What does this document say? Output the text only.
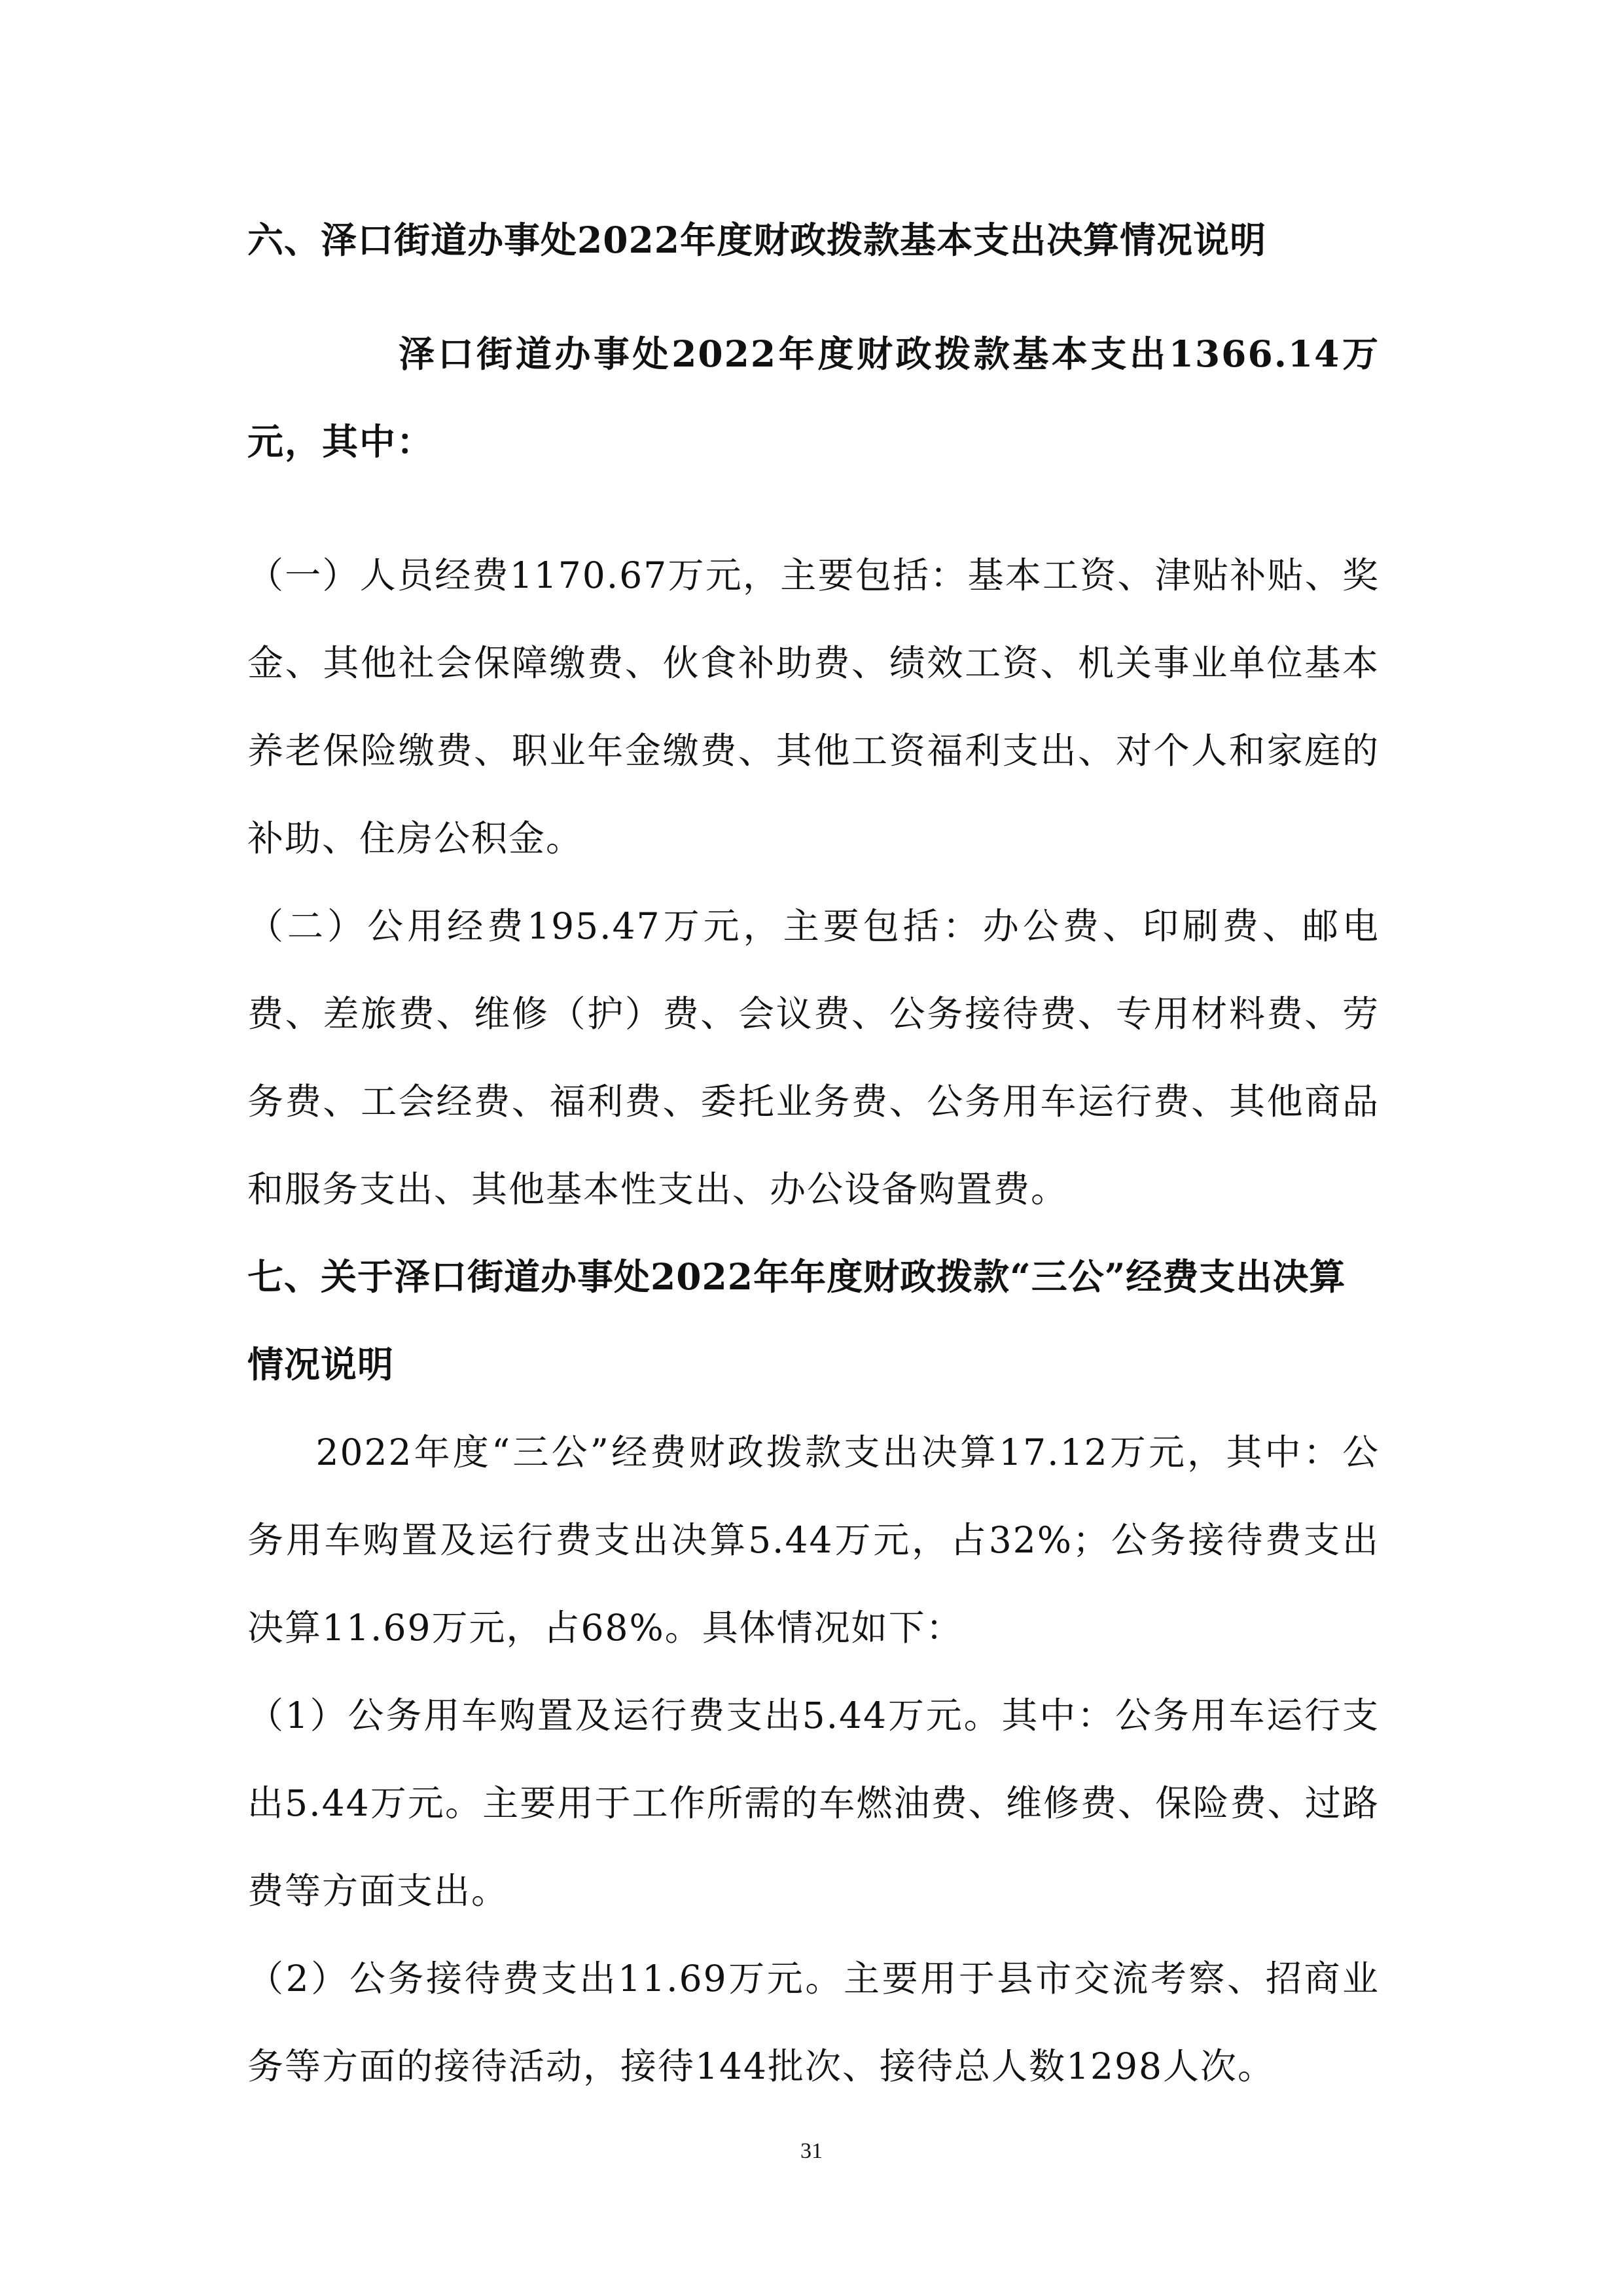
六、泽口街道办事处2022年度财政拨款基本支出决算情况说明

泽口街道办事处2022年度财政拨款基本支出1366.14万元，其中：

（一）人员经费1170.67万元，主要包括：基本工资、津贴补贴、奖金、其他社会保障缴费、伙食补助费、绩效工资、机关事业单位基本养老保险缴费、职业年金缴费、其他工资福利支出、对个人和家庭的补助、住房公积金。

（二）公用经费195.47万元，主要包括：办公费、印刷费、邮电费、差旅费、维修（护）费、会议费、公务接待费、专用材料费、劳务费、工会经费、福利费、委托业务费、公务用车运行费、其他商品和服务支出、其他基本性支出、办公设备购置费。

七、关于泽口街道办事处2022年年度财政拨款“三公”经费支出决算情况说明

2022年度“三公”经费财政拨款支出决算17.12万元，其中：公务用车购置及运行费支出决算5.44万元，占32%；公务接待费支出决算11.69万元，占68%。具体情况如下：

（1）公务用车购置及运行费支出5.44万元。其中：公务用车运行支出5.44万元。主要用于工作所需的车燃油费、维修费、保险费、过路费等方面支出。

（2）公务接待费支出11.69万元。主要用于县市交流考察、招商业务等方面的接待活动，接待144批次、接待总人数1298人次。

31
